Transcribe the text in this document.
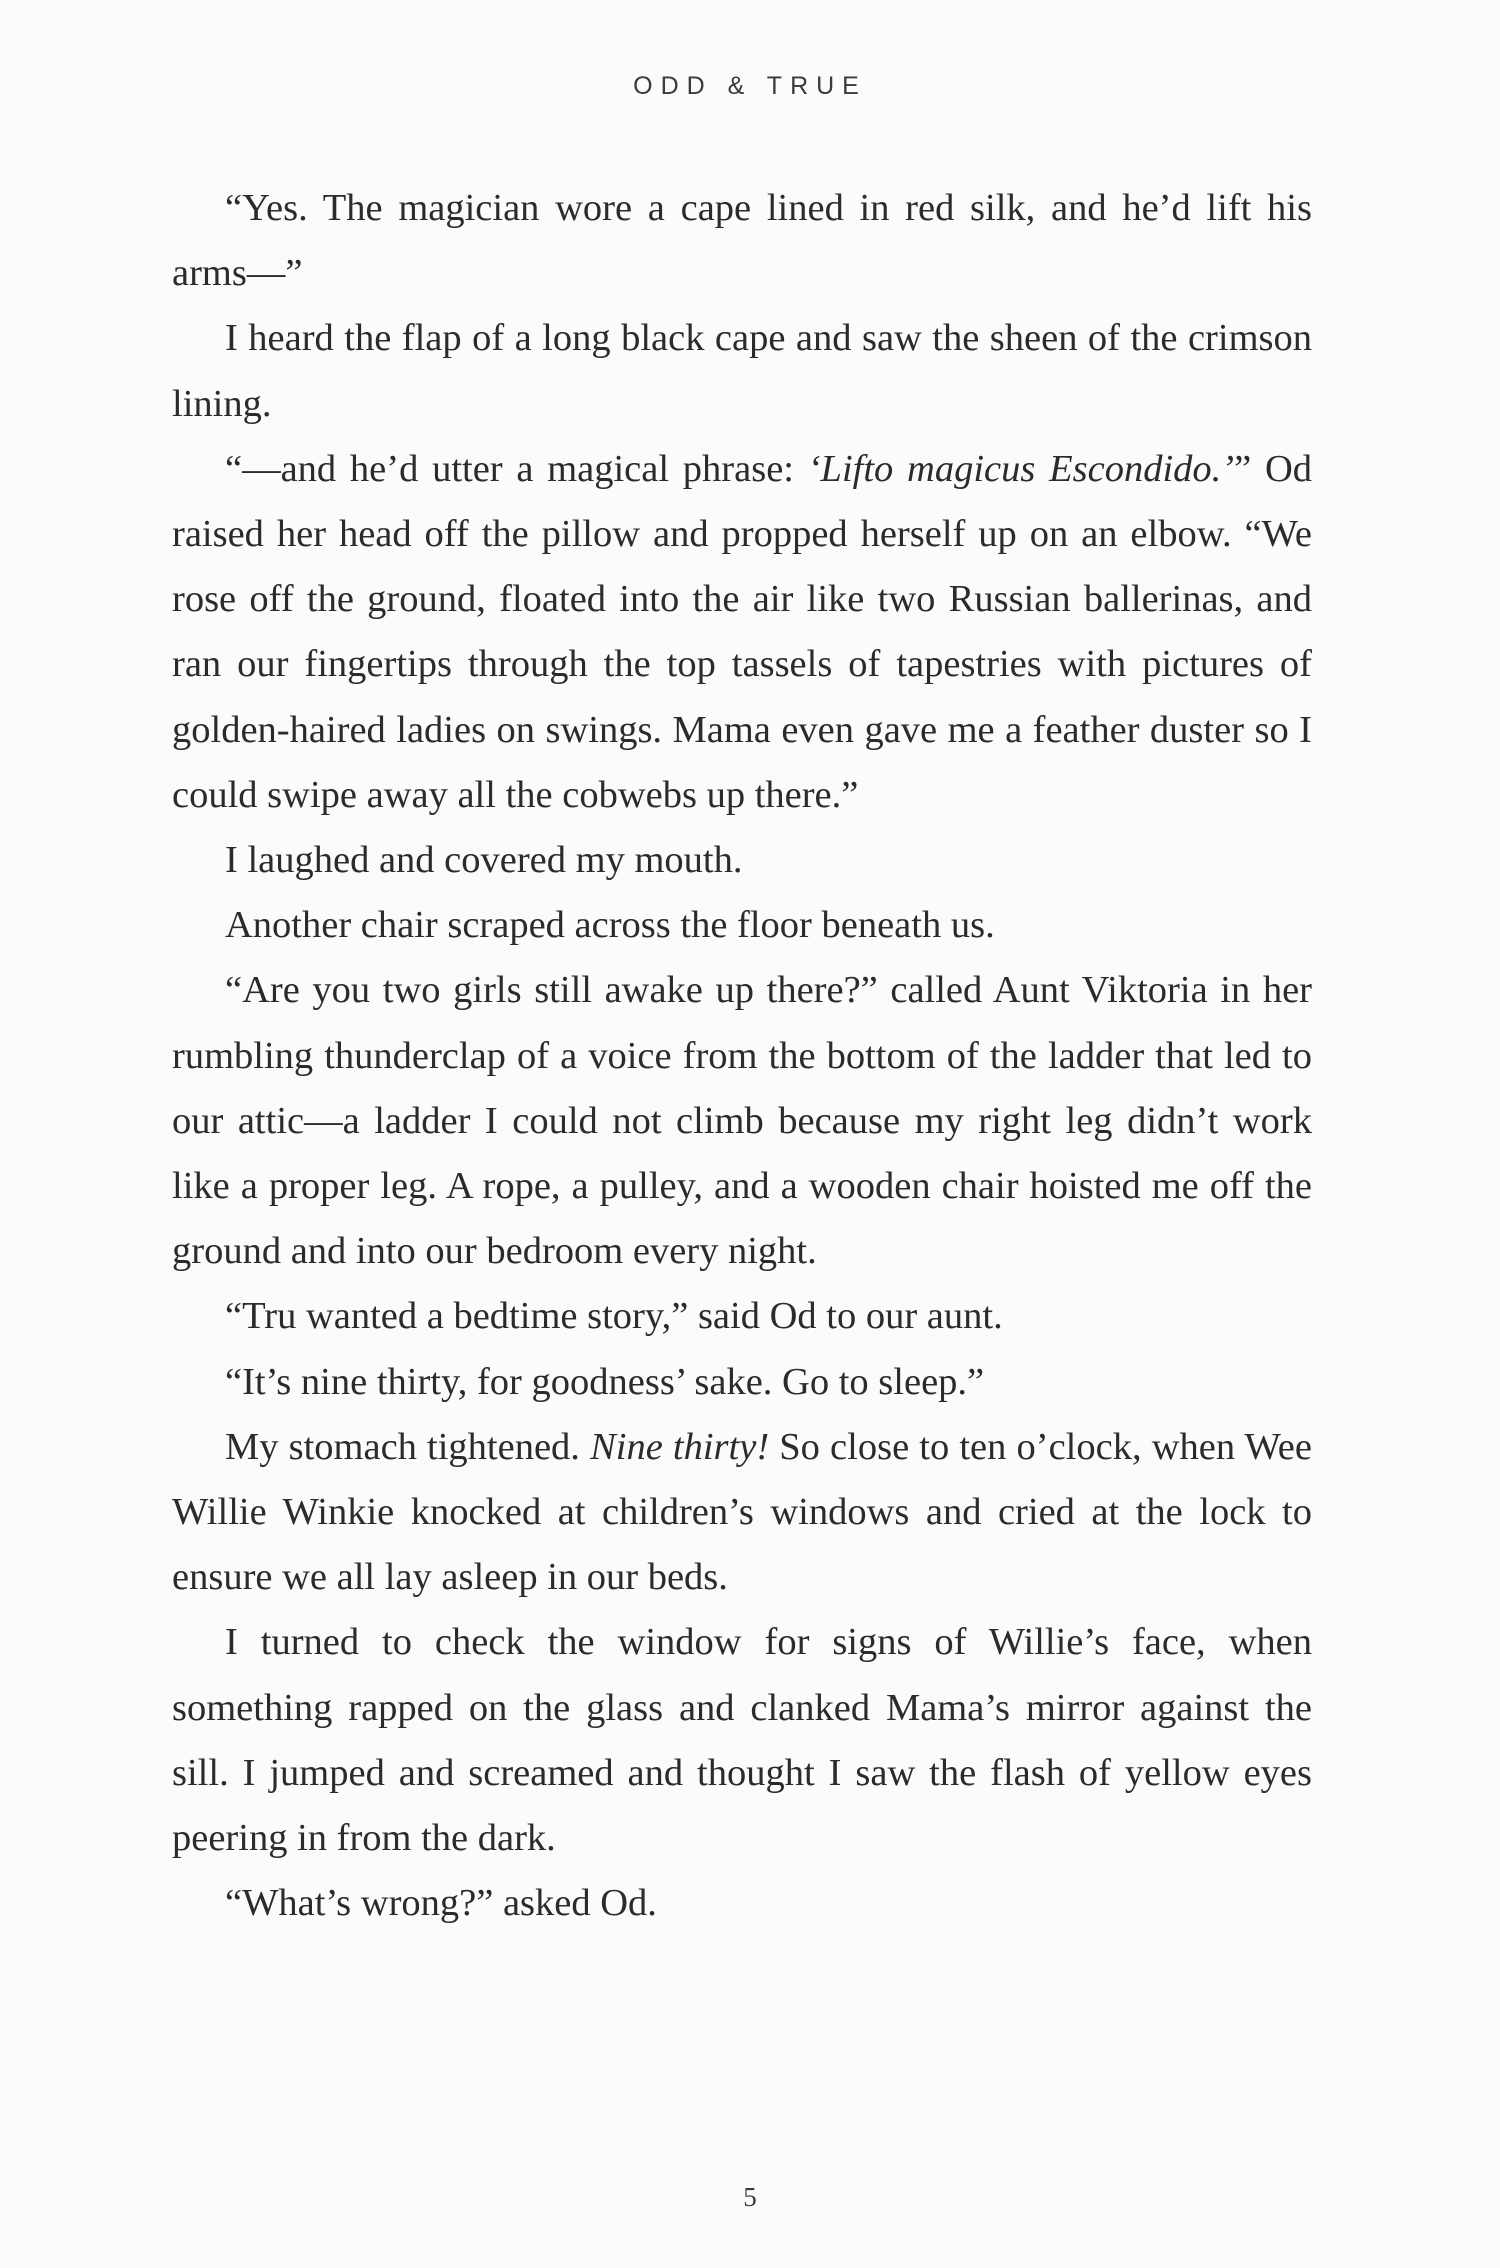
ODD & TRUE

“Yes. The magician wore a cape lined in red silk, and he’d lift his arms—”

I heard the flap of a long black cape and saw the sheen of the crimson lining.

“—and he’d utter a magical phrase: ‘Lifto magicus Escondido.’” Od raised her head off the pillow and propped herself up on an elbow. “We rose off the ground, floated into the air like two Russian ballerinas, and ran our fingertips through the top tassels of tapestries with pictures of golden-haired ladies on swings. Mama even gave me a feather duster so I could swipe away all the cobwebs up there.”

I laughed and covered my mouth.

Another chair scraped across the floor beneath us.

“Are you two girls still awake up there?” called Aunt Viktoria in her rumbling thunderclap of a voice from the bottom of the ladder that led to our attic—a ladder I could not climb because my right leg didn’t work like a proper leg. A rope, a pulley, and a wooden chair hoisted me off the ground and into our bedroom every night.

“Tru wanted a bedtime story,” said Od to our aunt.

“It’s nine thirty, for goodness’ sake. Go to sleep.”

My stomach tightened. Nine thirty! So close to ten o’clock, when Wee Willie Winkie knocked at children’s windows and cried at the lock to ensure we all lay asleep in our beds.

I turned to check the window for signs of Willie’s face, when something rapped on the glass and clanked Mama’s mirror against the sill. I jumped and screamed and thought I saw the flash of yellow eyes peering in from the dark.

“What’s wrong?” asked Od.

5
